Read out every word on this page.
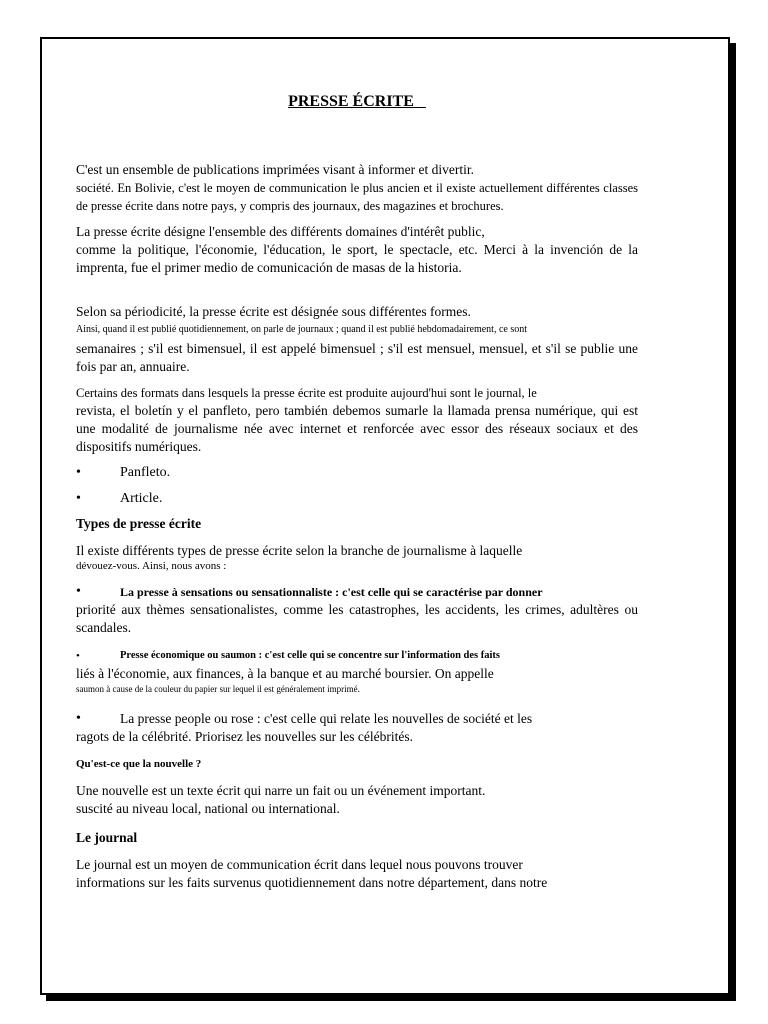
PRESSE ÉCRITE

C'est un ensemble de publications imprimées visant à informer et divertir.

société. En Bolivie, c'est le moyen de communication le plus ancien et il existe actuellement différentes classes de presse écrite dans notre pays, y compris des journaux, des magazines et brochures.

La presse écrite désigne l'ensemble des différents domaines d'intérêt public,

comme la politique, l'économie, l'éducation, le sport, le spectacle, etc. Merci à la invención de la imprenta, fue el primer medio de comunicación de masas de la historia.

Selon sa périodicité, la presse écrite est désignée sous différentes formes.

Ainsi, quand il est publié quotidiennement, on parle de journaux ; quand il est publié hebdomadairement, ce sont

semanaires ; s'il est bimensuel, il est appelé bimensuel ; s'il est mensuel, mensuel, et s'il se publie une fois par an, annuaire.

Certains des formats dans lesquels la presse écrite est produite aujourd'hui sont le journal, le

revista, el boletín y el panfleto, pero también debemos sumarle la llamada prensa numérique, qui est une modalité de journalisme née avec internet et renforcée avec essor des réseaux sociaux et des dispositifs numériques.

•	Panfleto.
•	Article.
Types de presse écrite

Il existe différents types de presse écrite selon la branche de journalisme à laquelle

dévouez-vous. Ainsi, nous avons :

•	La presse à sensations ou sensationnaliste : c'est celle qui se caractérise par donner

priorité aux thèmes sensationalistes, comme les catastrophes, les accidents, les crimes, adultères ou scandales.

•	Presse économique ou saumon : c'est celle qui se concentre sur l'information des faits

liés à l'économie, aux finances, à la banque et au marché boursier. On appelle

saumon à cause de la couleur du papier sur lequel il est généralement imprimé.

•	La presse people ou rose : c'est celle qui relate les nouvelles de société et les

ragots de la célébrité. Priorisez les nouvelles sur les célébrités.

Qu'est-ce que la nouvelle ?

Une nouvelle est un texte écrit qui narre un fait ou un événement important.

suscité au niveau local, national ou international.

Le journal

Le journal est un moyen de communication écrit dans lequel nous pouvons trouver

informations sur les faits survenus quotidiennement dans notre département, dans notre
